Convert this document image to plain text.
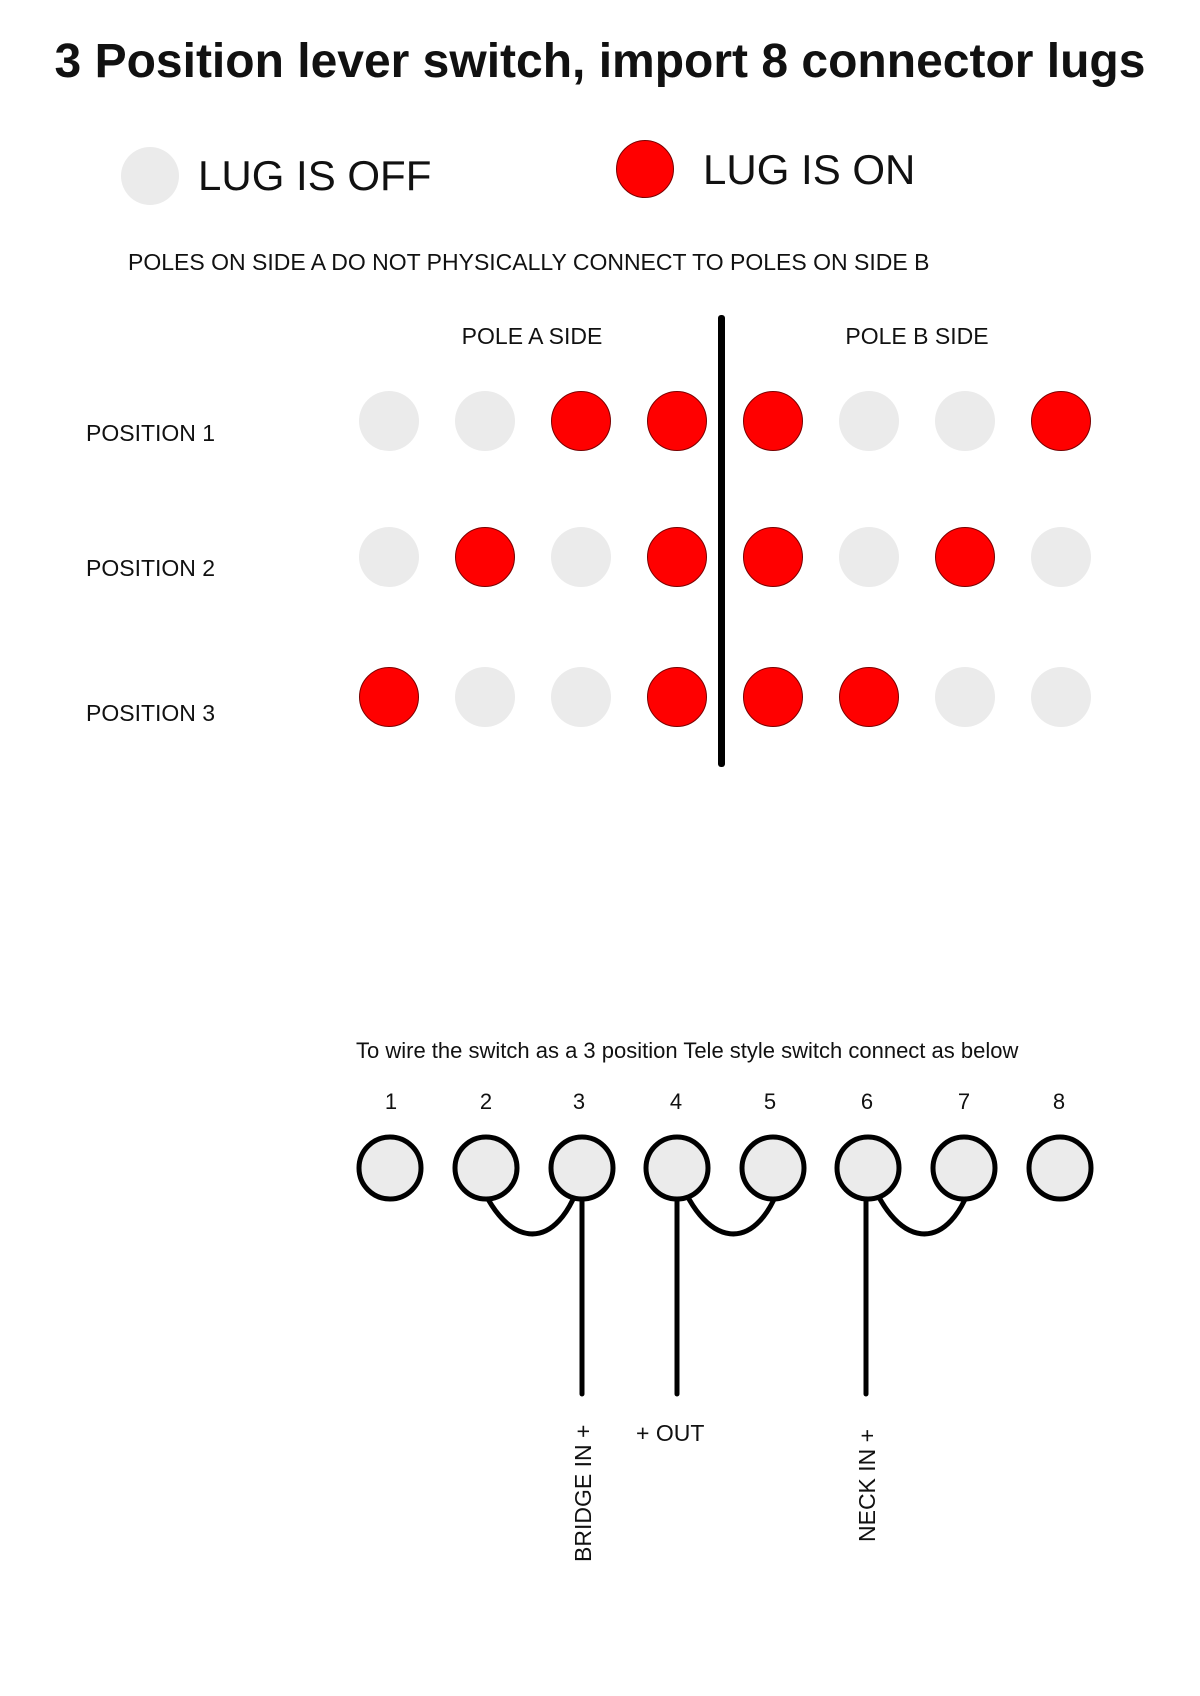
3 Position lever switch, import 8 connector lugs
LUG IS OFF	LUG IS ON
POLES ON SIDE A DO NOT PHYSICALLY CONNECT TO POLES ON SIDE B
POLE A SIDE	POLE B SIDE
POSITION 1
POSITION 2
POSITION 3
To wire the switch as a 3 position Tele style switch connect as below
1	2	3	4	5	6	7	8
BRIDGE IN + + OUT	NECK IN +
